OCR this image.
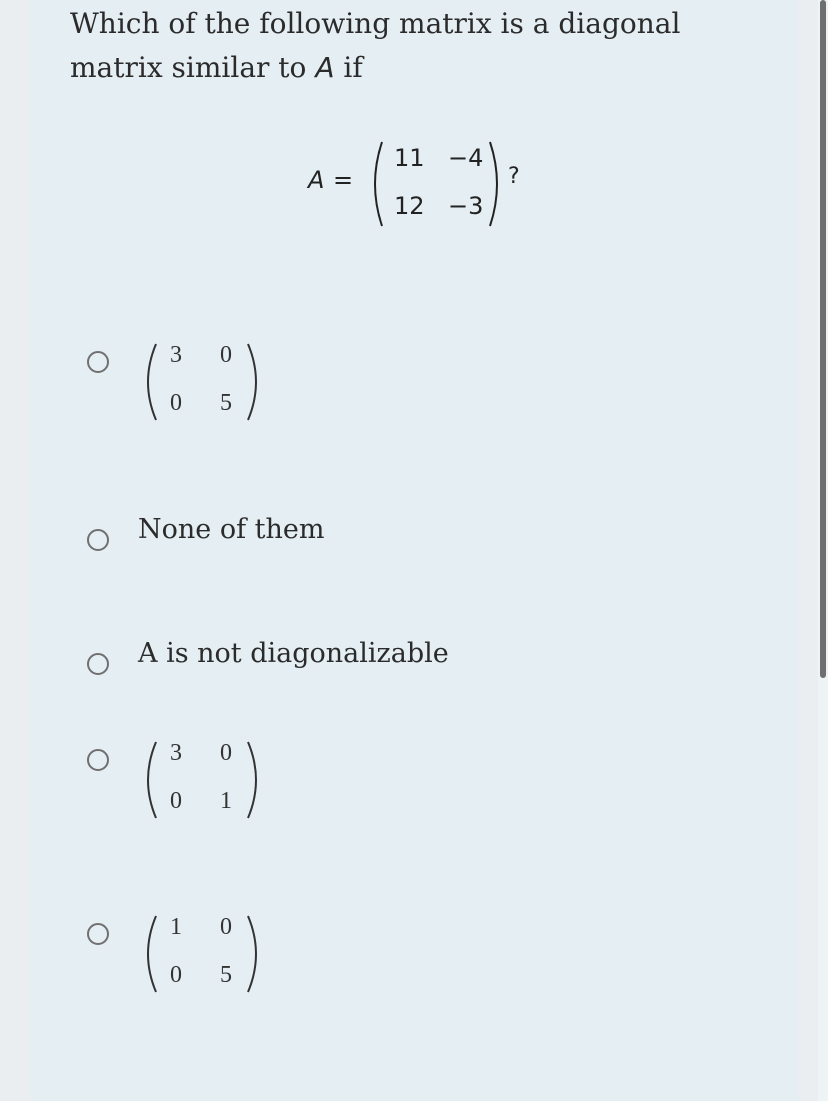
Which of the following matrix is a diagonal matrix similar to A if
A =
11 −4
12 −3
?
3 0
0 5
None of them
A is not diagonalizable
3 0
0 1
1 0
0 5
